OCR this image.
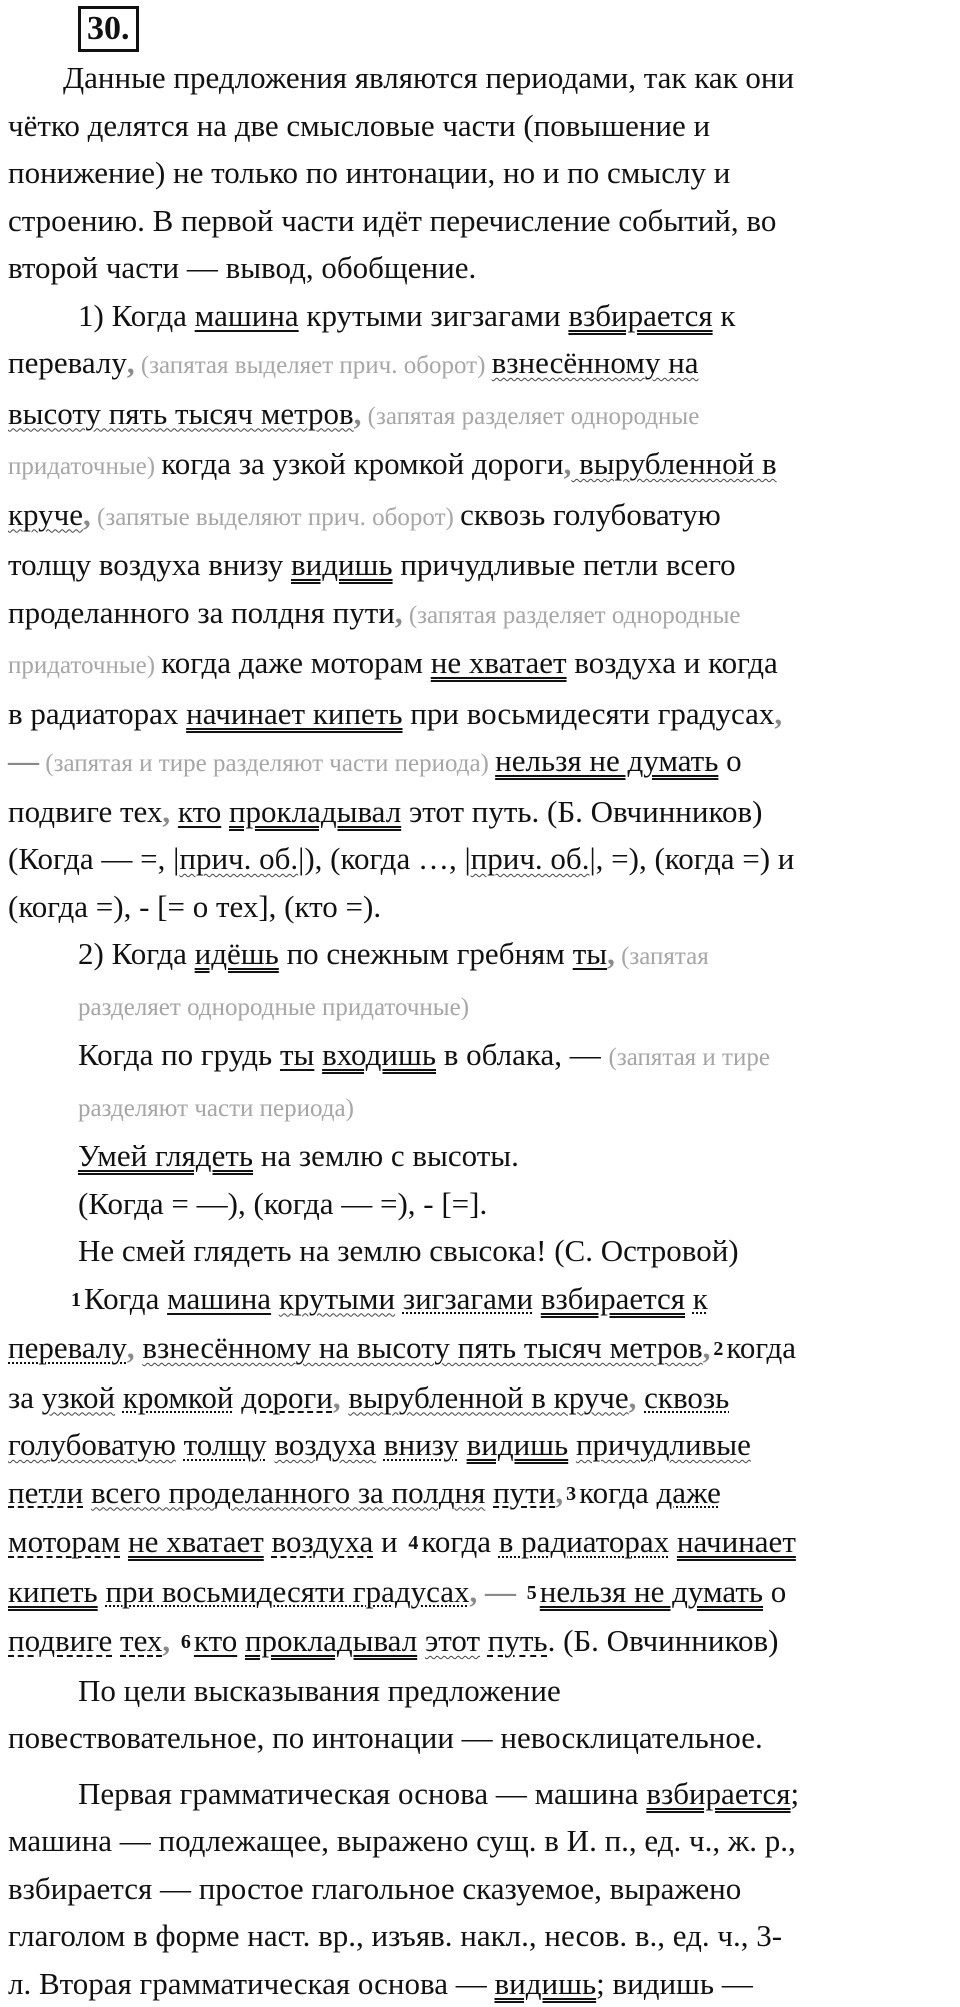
30.

Данные предложения являются периодами, так как они
чётко делятся на две смысловые части (повышение и
понижение) не только по интонации, но и по смыслу и
строению. В первой части идёт перечисление событий, во
второй части — вывод, обобщение.

1) Когда машина крутыми зигзагами взбирается к
перевалу, (запятая выделяет прич. оборот) взнесённому на
высоту пять тысяч метров, (запятая разделяет однородные
придаточные) когда за узкой кромкой дороги, вырубленной в
круче, (запятые выделяют прич. оборот) сквозь голубоватую
толщу воздуха внизу видишь причудливые петли всего
проделанного за полдня пути, (запятая разделяет однородные
придаточные) когда даже моторам не хватает воздуха и когда
в радиаторах начинает кипеть при восьмидесяти градусах,
— (запятая и тире разделяют части периода) нельзя не думать о
подвиге тех, кто прокладывал этот путь. (Б. Овчинников)
(Когда — =, |прич. об.|), (когда …, |прич. об.|, =), (когда =) и
(когда =), - [= о тех], (кто =).

2) Когда идёшь по снежным гребням ты, (запятая
разделяет однородные придаточные)
Когда по грудь ты входишь в облака, — (запятая и тире
разделяют части периода)
Умей глядеть на землю с высоты.
(Когда = —), (когда — =), - [=].
Не смей глядеть на землю свысока! (С. Островой)

1Когда машина крутыми зигзагами взбирается к
перевалу, взнесённому на высоту пять тысяч метров, 2когда
за узкой кромкой дороги, вырубленной в круче, сквозь
голубоватую толщу воздуха внизу видишь причудливые
петли всего проделанного за полдня пути, 3когда даже
моторам не хватает воздуха и 4когда в радиаторах начинает
кипеть при восьмидесяти градусах, — 5нельзя не думать о
подвиге тех, 6кто прокладывал этот путь. (Б. Овчинников)

По цели высказывания предложение
повествовательное, по интонации — невосклицательное.

Первая грамматическая основа — машина взбирается;
машина — подлежащее, выражено сущ. в И. п., ед. ч., ж. р.,
взбирается — простое глагольное сказуемое, выражено
глаголом в форме наст. вр., изъяв. накл., несов. в., ед. ч., 3-
л. Вторая грамматическая основа — видишь; видишь —
